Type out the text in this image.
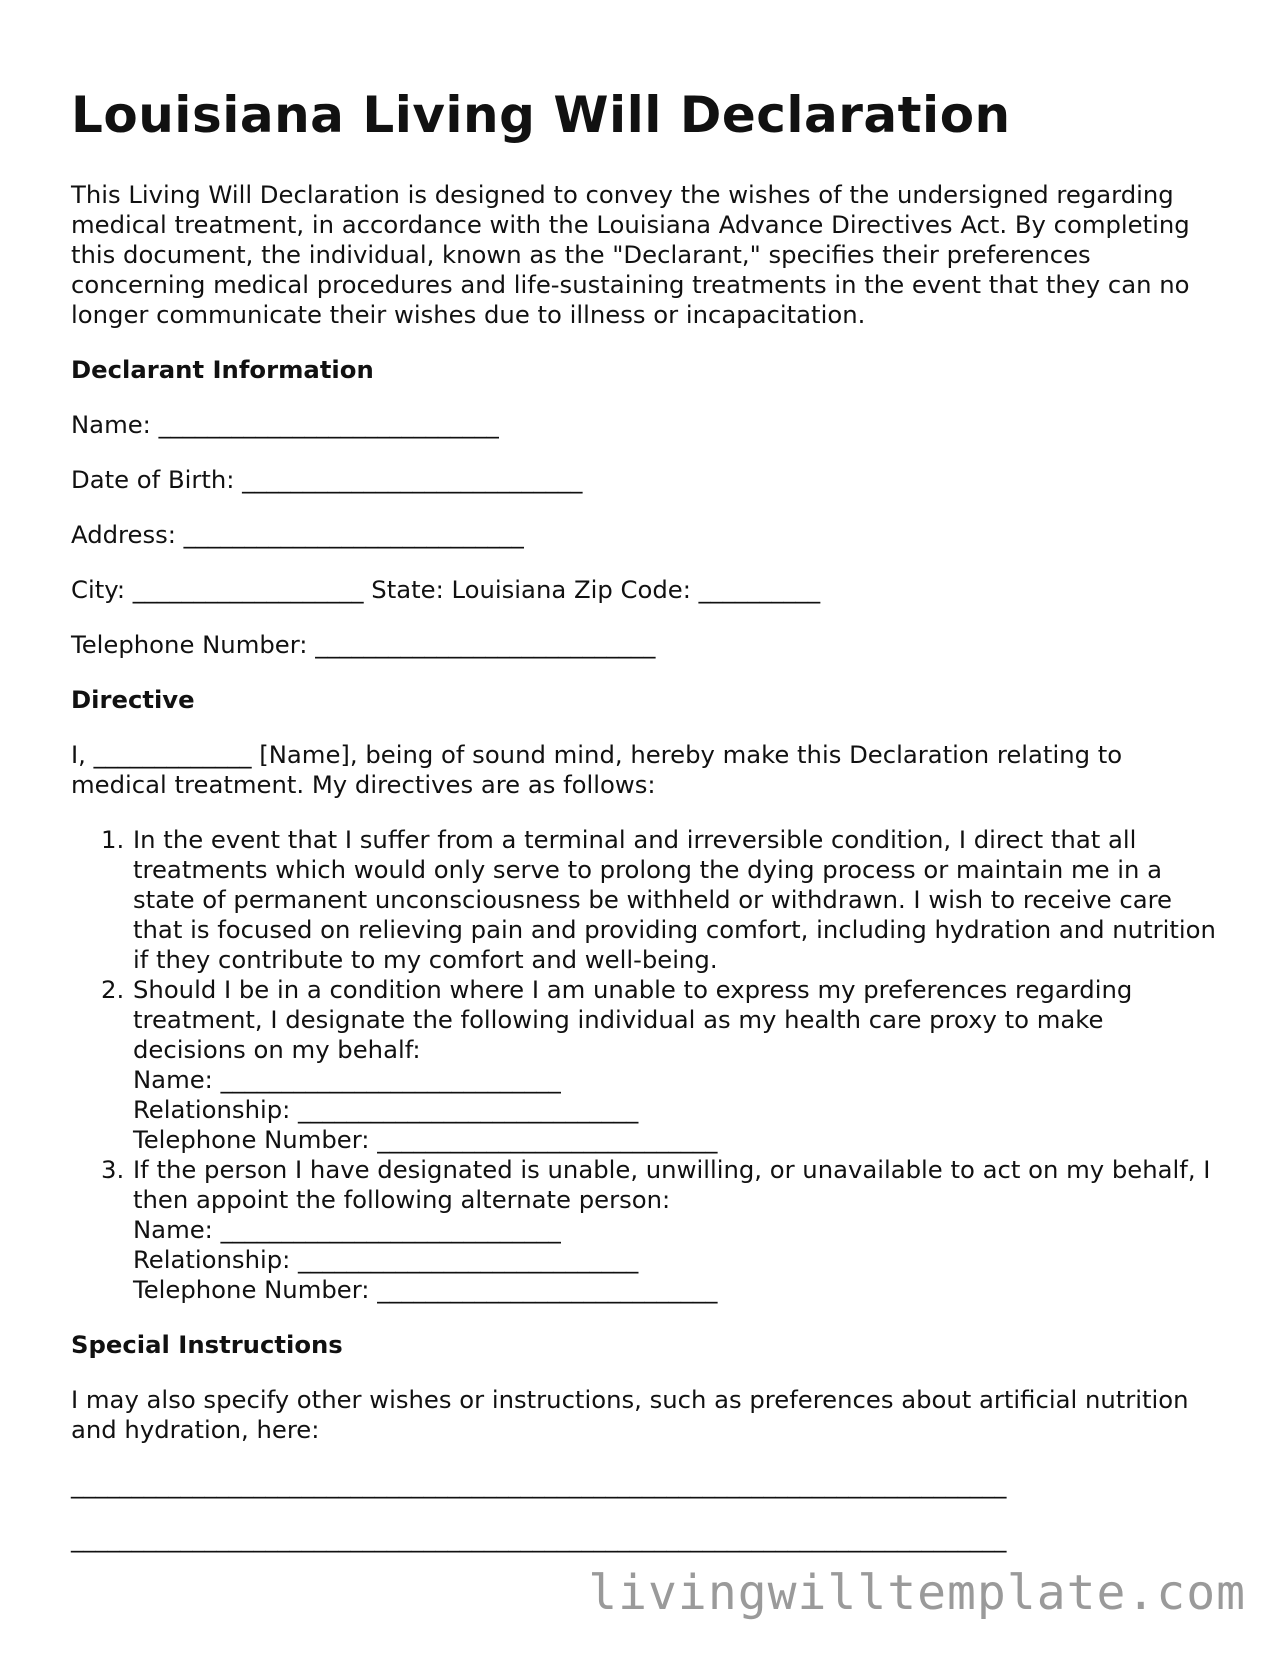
Louisiana Living Will Declaration

This Living Will Declaration is designed to convey the wishes of the undersigned regarding medical treatment, in accordance with the Louisiana Advance Directives Act. By completing this document, the individual, known as the "Declarant," specifies their preferences concerning medical procedures and life-sustaining treatments in the event that they can no longer communicate their wishes due to illness or incapacitation.

Declarant Information

Name: ____________________________

Date of Birth: ____________________________

Address: ____________________________

City: ___________________ State: Louisiana Zip Code: __________

Telephone Number: ____________________________

Directive

I, _____________ [Name], being of sound mind, hereby make this Declaration relating to medical treatment. My directives are as follows:

1. In the event that I suffer from a terminal and irreversible condition, I direct that all treatments which would only serve to prolong the dying process or maintain me in a state of permanent unconsciousness be withheld or withdrawn. I wish to receive care that is focused on relieving pain and providing comfort, including hydration and nutrition if they contribute to my comfort and well-being.
2. Should I be in a condition where I am unable to express my preferences regarding treatment, I designate the following individual as my health care proxy to make decisions on my behalf:
Name: ____________________________
Relationship: ____________________________
Telephone Number: ____________________________
3. If the person I have designated is unable, unwilling, or unavailable to act on my behalf, I then appoint the following alternate person:
Name: ____________________________
Relationship: ____________________________
Telephone Number: ____________________________
Special Instructions

I may also specify other wishes or instructions, such as preferences about artificial nutrition and hydration, here:

_____________________________________________________________________________

_____________________________________________________________________________

livingwilltemplate.com
